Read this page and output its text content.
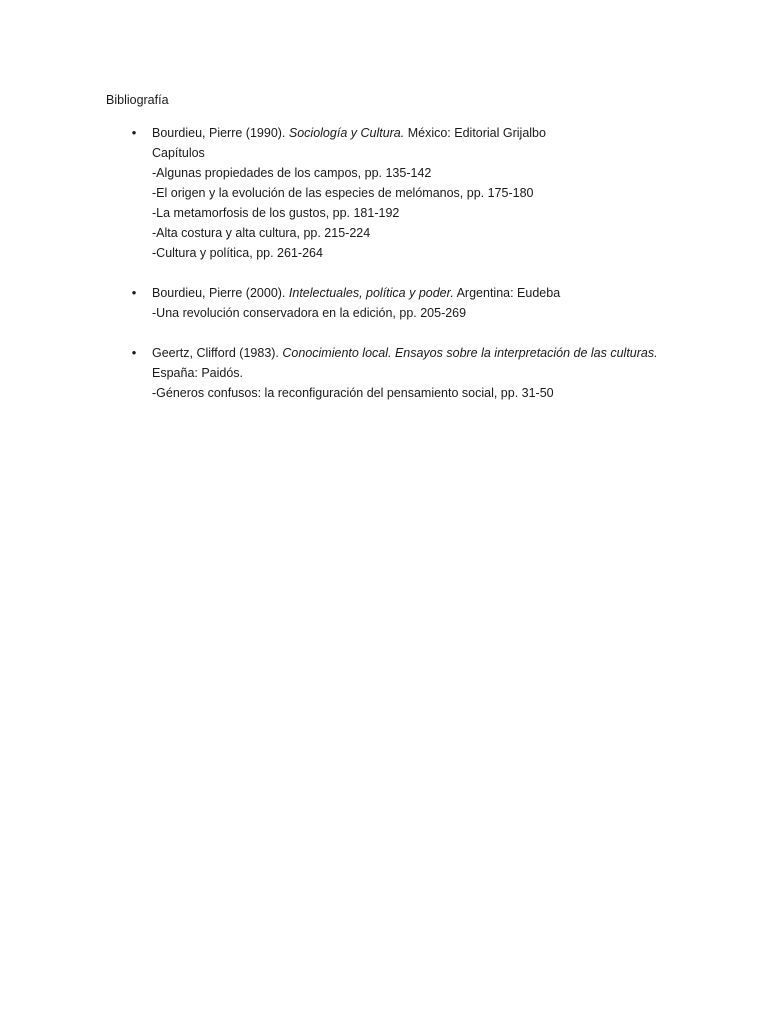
Bibliografía
• Bourdieu, Pierre (1990). Sociología y Cultura. México: Editorial Grijalbo
Capítulos
-Algunas propiedades de los campos, pp. 135-142
-El origen y la evolución de las especies de melómanos, pp. 175-180
-La metamorfosis de los gustos, pp. 181-192
-Alta costura y alta cultura, pp. 215-224
-Cultura y política, pp. 261-264
• Bourdieu, Pierre (2000). Intelectuales, política y poder. Argentina: Eudeba
-Una revolución conservadora en la edición, pp. 205-269
• Geertz, Clifford (1983). Conocimiento local. Ensayos sobre la interpretación de las culturas.
España: Paidós.
-Géneros confusos: la reconfiguración del pensamiento social, pp. 31-50
